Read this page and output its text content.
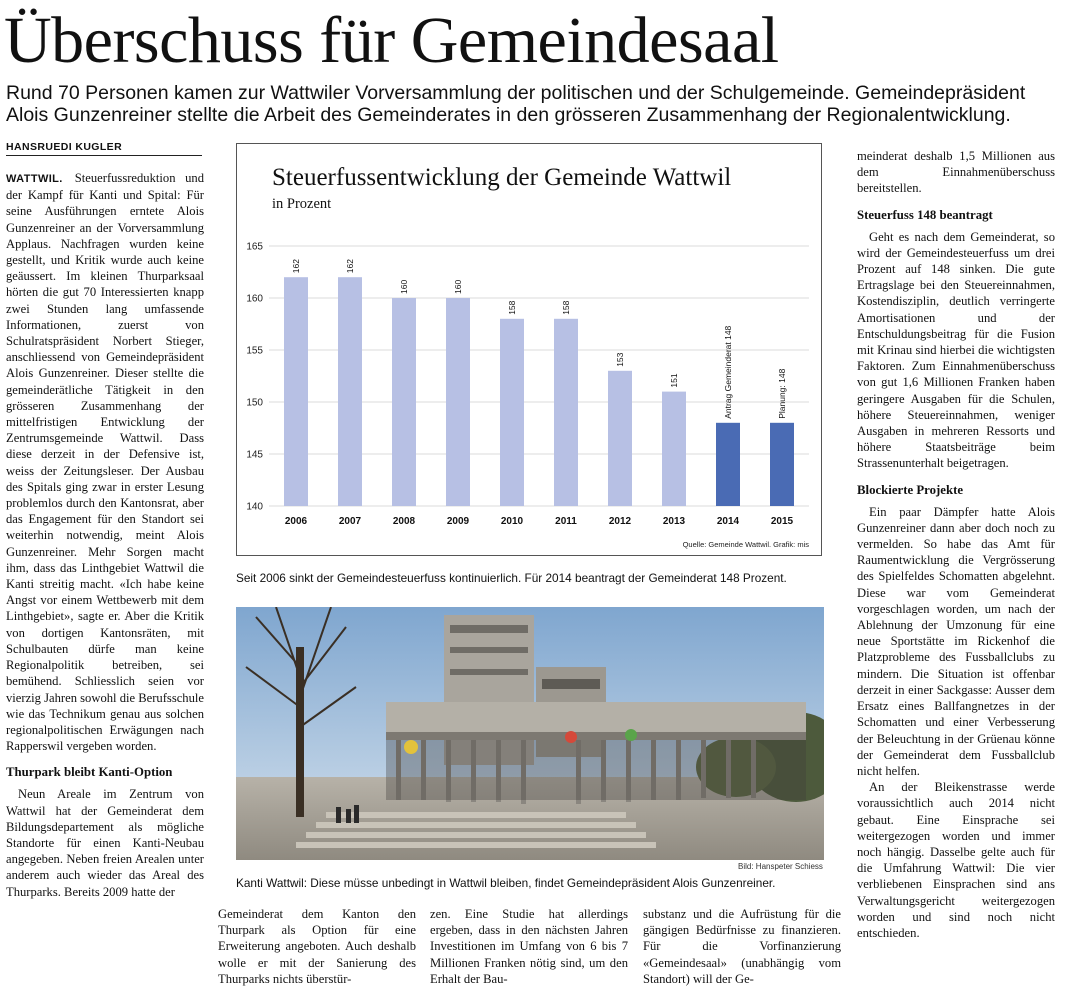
Überschuss für Gemeindesaal

Rund 70 Personen kamen zur Wattwiler Vorversammlung der politischen und der Schulgemeinde. Gemeindepräsident Alois Gunzenreiner stellte die Arbeit des Gemeinderates in den grösseren Zusammenhang der Regionalentwicklung.

HANSRUEDI KUGLER

WATTWIL. Steuerfussreduktion und der Kampf für Kanti und Spital: Für seine Ausführungen erntete Alois Gunzenreiner an der Vorversammlung Applaus. Nachfragen wurden keine gestellt, und Kritik wurde auch keine geäussert. Im kleinen Thurparksaal hörten die gut 70 Interessierten knapp zwei Stunden lang umfassende Informationen, zuerst von Schulratspräsident Norbert Stieger, anschliessend von Gemeindepräsident Alois Gunzenreiner. Dieser stellte die gemeinderätliche Tätigkeit in den grösseren Zusammenhang der mittelfristigen Entwicklung der Zentrumsgemeinde Wattwil. Dass diese derzeit in der Defensive ist, weiss der Zeitungsleser. Der Ausbau des Spitals ging zwar in erster Lesung problemlos durch den Kantonsrat, aber das Engagement für den Standort sei weiterhin notwendig, meint Alois Gunzenreiner. Mehr Sorgen macht ihm, dass das Linthgebiet Wattwil die Kanti streitig macht. «Ich habe keine Angst vor einem Wettbewerb mit dem Linthgebiet», sagte er. Aber die Kritik von dortigen Kantonsräten, mit Schulbauten dürfe man keine Regionalpolitik betreiben, sei bemühend. Schliesslich seien vor vierzig Jahren sowohl die Berufsschule wie das Technikum genau aus solchen regionalpolitischen Erwägungen nach Rapperswil vergeben worden.

Thurpark bleibt Kanti-Option

Neun Areale im Zentrum von Wattwil hat der Gemeinderat dem Bildungsdepartement als mögliche Standorte für einen Kanti-Neubau angegeben. Neben freien Arealen unter anderem auch wieder das Areal des Thurparks. Bereits 2009 hatte der

Steuerfussentwicklung der Gemeinde Wattwil
in Prozent
140
145
150
155
160
165
2006
162
2007
162
2008
160
2009
160
2010
158
2011
158
2012
153
2013
151
2014
Antrag Gemeinderat 148
2015
Planung: 148
Quelle: Gemeinde Wattwil. Grafik: mis
Seit 2006 sinkt der Gemeindesteuerfuss kontinuierlich. Für 2014 beantragt der Gemeinderat 148 Prozent.
Bild: Hanspeter Schiess
Kanti Wattwil: Diese müsse unbedingt in Wattwil bleiben, findet Gemeindepräsident Alois Gunzenreiner.

Gemeinderat dem Kanton den Thurpark als Option für eine Erweiterung angeboten. Auch deshalb wolle er mit der Sanierung des Thurparks nichts überstür-

zen. Eine Studie hat allerdings ergeben, dass in den nächsten Jahren Investitionen im Umfang von 6 bis 7 Millionen Franken nötig sind, um den Erhalt der Bau-

substanz und die Aufrüstung für die gängigen Bedürfnisse zu finanzieren. Für die Vorfinanzierung «Gemeindesaal» (unabhängig vom Standort) will der Ge-

meinderat deshalb 1,5 Millionen aus dem Einnahmenüberschuss bereitstellen.

Steuerfuss 148 beantragt

Geht es nach dem Gemeinderat, so wird der Gemeindesteuerfuss um drei Prozent auf 148 sinken. Die gute Ertragslage bei den Steuereinnahmen, Kostendisziplin, deutlich verringerte Amortisationen und der Entschuldungsbeitrag für die Fusion mit Krinau sind hierbei die wichtigsten Faktoren. Zum Einnahmenüberschuss von gut 1,6 Millionen Franken haben geringere Ausgaben für die Schulen, höhere Steuereinnahmen, weniger Ausgaben in mehreren Ressorts und höhere Staatsbeiträge beim Strassenunterhalt beigetragen.

Blockierte Projekte

Ein paar Dämpfer hatte Alois Gunzenreiner dann aber doch noch zu vermelden. So habe das Amt für Raumentwicklung die Vergrösserung des Spielfeldes Schomatten abgelehnt. Diese war vom Gemeinderat vorgeschlagen worden, um nach der Ablehnung der Umzonung für eine neue Sportstätte im Rickenhof die Platzprobleme des Fussballclubs zu mindern. Die Situation ist offenbar derzeit in einer Sackgasse: Ausser dem Ersatz eines Ballfangnetzes in der Schomatten und einer Verbesserung der Beleuchtung in der Grüenau könne der Gemeinderat dem Fussballclub nicht helfen.

An der Bleikenstrasse werde voraussichtlich auch 2014 nicht gebaut. Eine Einsprache sei weitergezogen worden und immer noch hängig. Dasselbe gelte auch für die Umfahrung Wattwil: Die vier verbliebenen Einsprachen sind ans Verwaltungsgericht weitergezogen worden und sind noch nicht entschieden.
